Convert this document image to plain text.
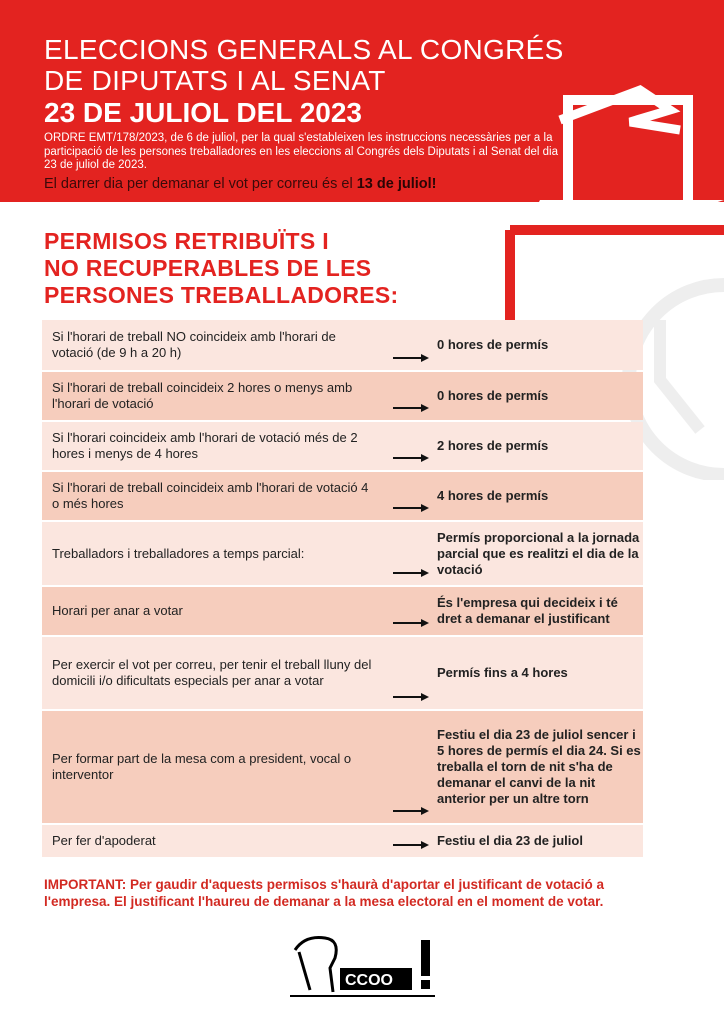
ELECCIONS GENERALS AL CONGRÉS
DE DIPUTATS I AL SENAT
23 DE JULIOL DEL 2023
ORDRE EMT/178/2023, de 6 de juliol, per la qual s'estableixen les instruccions necessàries per a la participació de les persones treballadores en les eleccions al Congrés dels Diputats i al Senat del dia 23 de juliol de 2023.
El darrer dia per demanar el vot per correu és el 13 de juliol!
PERMISOS RETRIBUÏTS I
NO RECUPERABLES DE LES
PERSONES TREBALLADORES:
Si l'horari de treball NO coincideix amb l'horari de votació (de 9 h a 20 h)
0 hores de permís
Si l'horari de treball coincideix 2 hores o menys amb l'horari de votació
0 hores de permís
Si l'horari coincideix amb l'horari de votació més de 2 hores i menys de 4 hores
2 hores de permís
Si l'horari de treball coincideix amb l'horari de votació 4 o més hores
4 hores de permís
Treballadors i treballadores a temps parcial:
Permís proporcional a la jornada parcial que es realitzi el dia de la votació
Horari per anar a votar
És l'empresa qui decideix i té dret a demanar el justificant
Per exercir el vot per correu, per tenir el treball lluny del domicili i/o dificultats especials per anar a votar
Permís fins a 4 hores
Per formar part de la mesa com a president, vocal o interventor
Festiu el dia 23 de juliol sencer i 5 hores de permís el dia 24. Si es treballa el torn de nit s'ha de demanar el canvi de la nit anterior per un altre torn
Per fer d'apoderat	Festiu el dia 23 de juliol
IMPORTANT: Per gaudir d'aquests permisos s'haurà d'aportar el justificant de votació a l'empresa. El justificant l'haureu de demanar a la mesa electoral en el moment de votar.
CCOO
